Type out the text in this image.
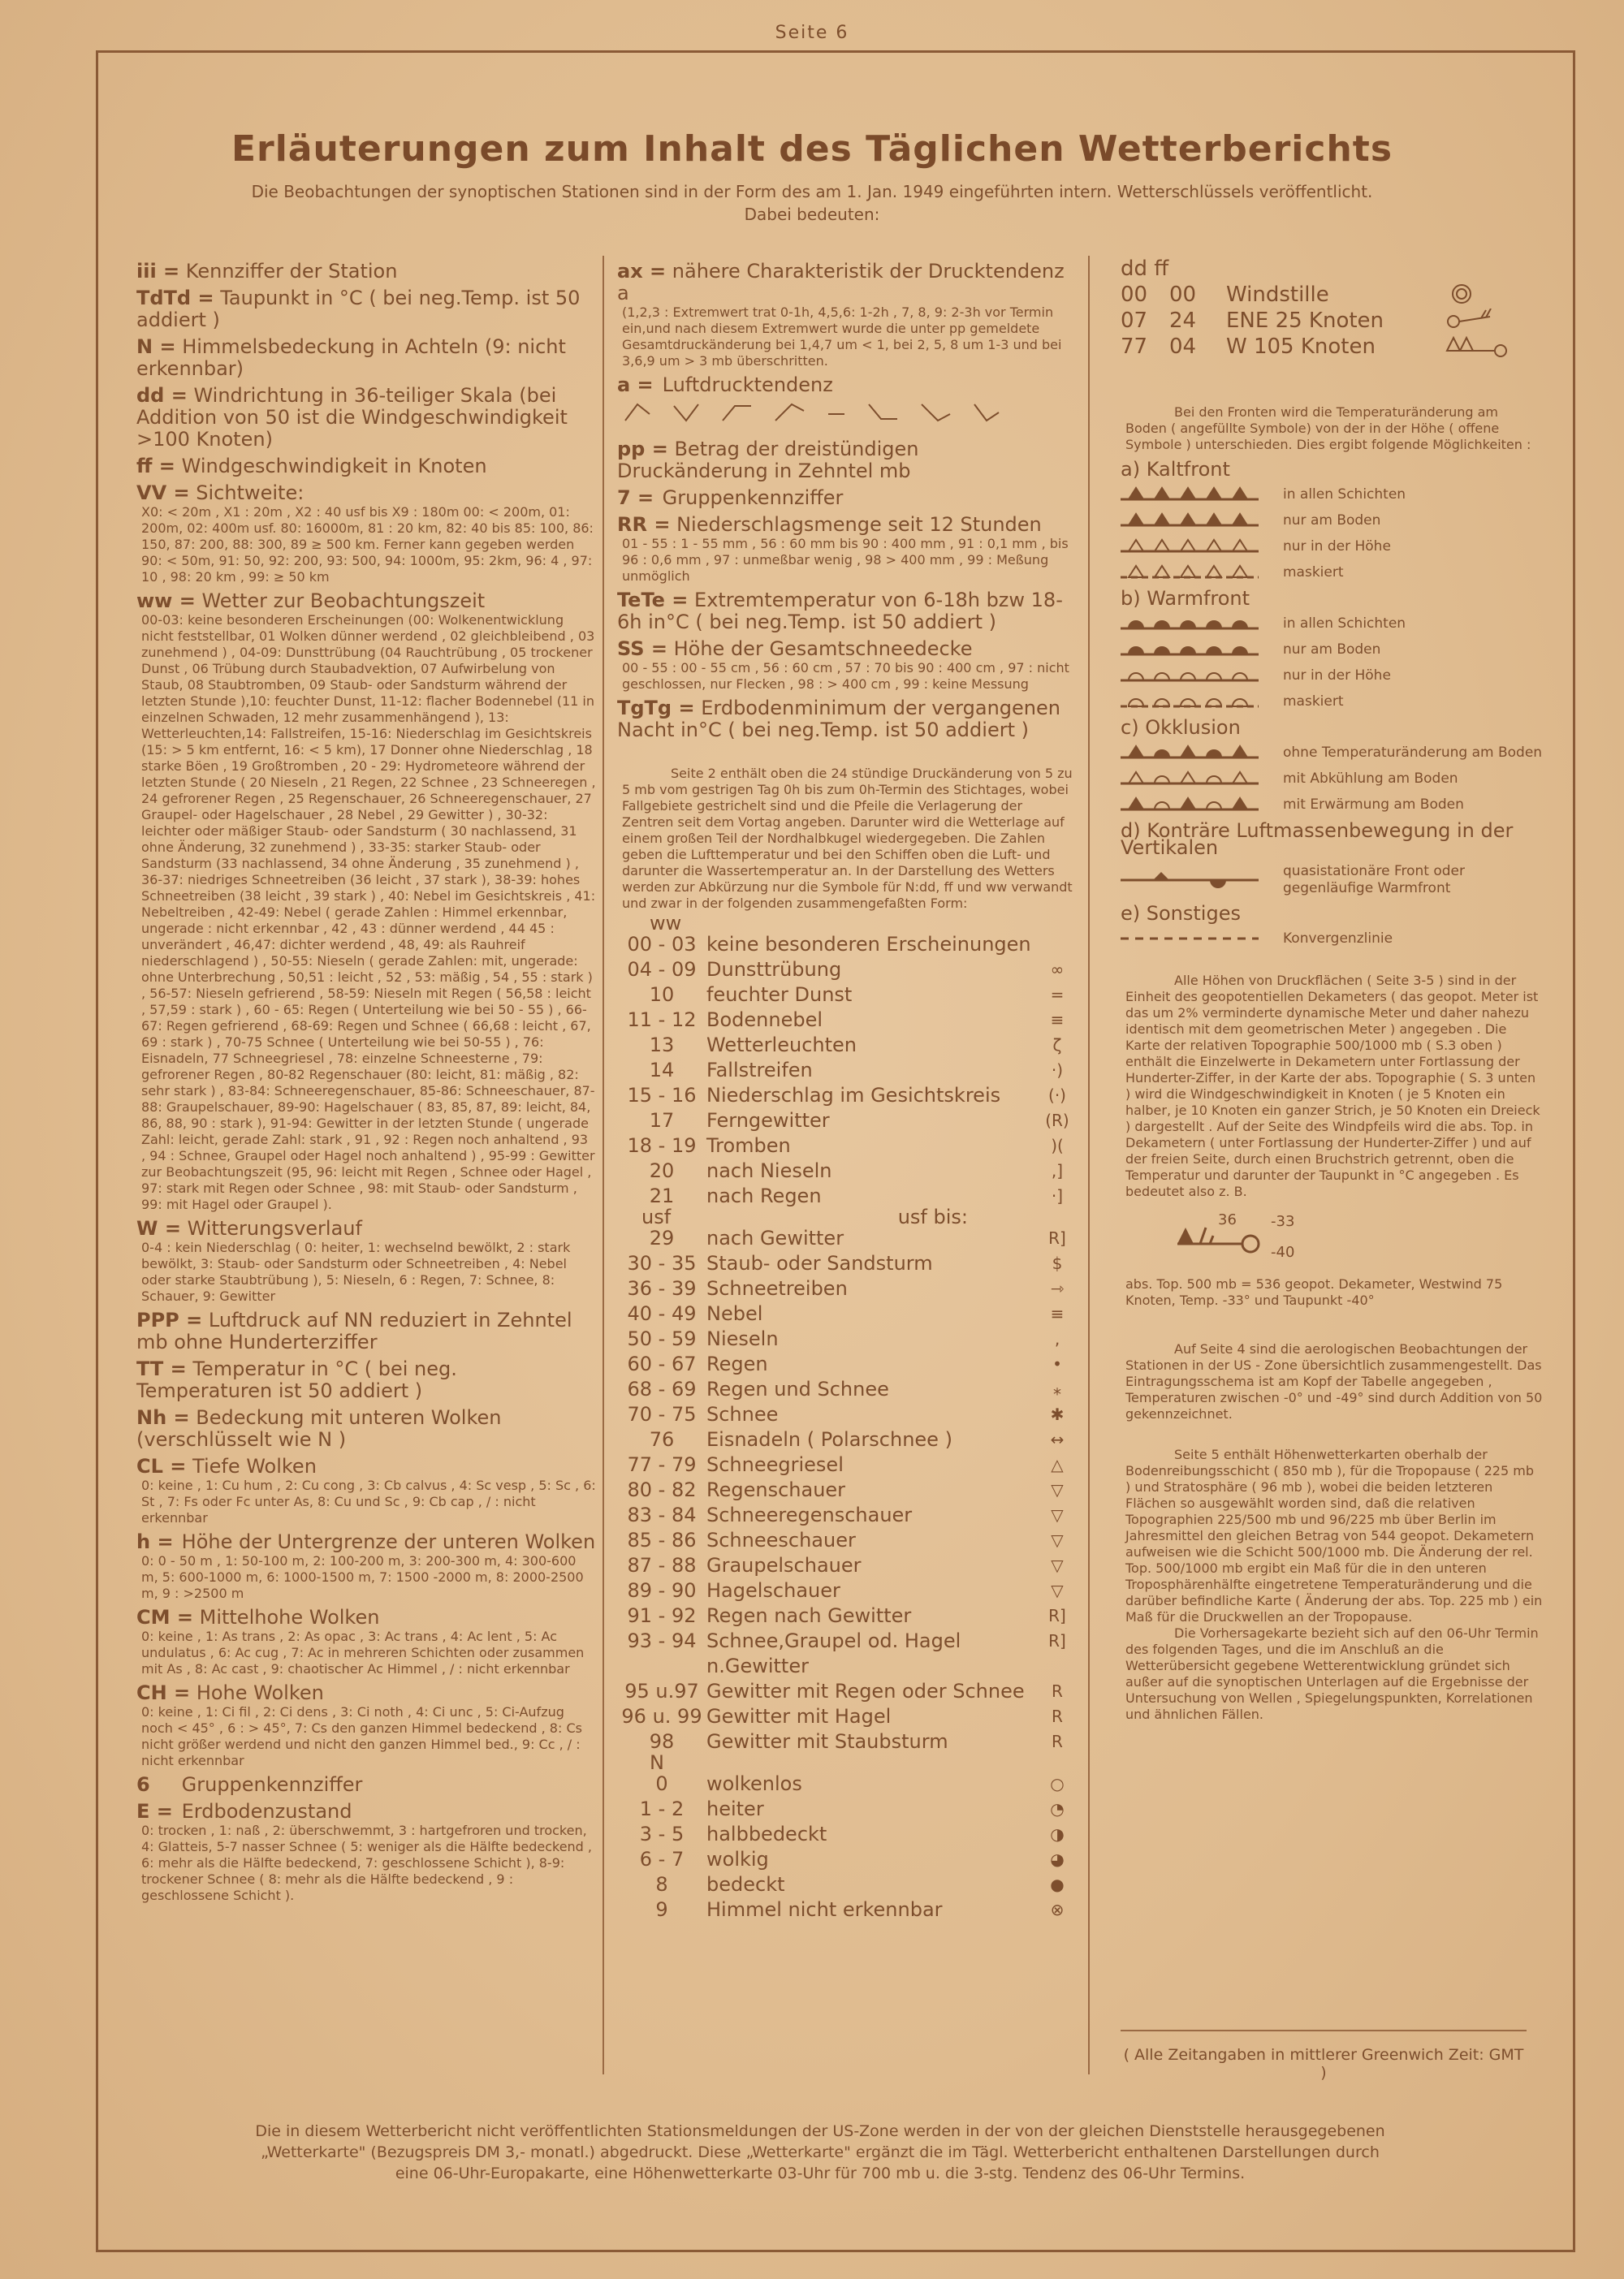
Seite 6
Erläuterungen zum Inhalt des Täglichen Wetterberichts
Die Beobachtungen der synoptischen Stationen sind in der Form des am 1. Jan. 1949 eingeführten intern. Wetterschlüssels veröffentlicht.
Dabei bedeuten:
iii = Kennziffer der Station
TdTd = Taupunkt in °C ( bei neg.Temp. ist 50 addiert )
N = Himmelsbedeckung in Achteln (9: nicht erkennbar)
dd = Windrichtung in 36-teiliger Skala (bei Addition von 50 ist die Windgeschwindigkeit >100 Knoten)
ff = Windgeschwindigkeit in Knoten
VV = Sichtweite:
X0: < 20m , X1 : 20m , X2 : 40 usf bis X9 : 180m 00: < 200m, 01: 200m, 02: 400m usf. 80: 16000m, 81 : 20 km, 82: 40 bis 85: 100, 86: 150, 87: 200, 88: 300, 89 ≥ 500 km. Ferner kann gegeben werden 90: < 50m, 91: 50, 92: 200, 93: 500, 94: 1000m, 95: 2km, 96: 4 , 97: 10 , 98: 20 km , 99: ≥ 50 km
ww = Wetter zur Beobachtungszeit
00-03: keine besonderen Erscheinungen (00: Wolkenentwicklung nicht feststellbar, 01 Wolken dünner werdend , 02 gleichbleibend , 03 zunehmend ) , 04-09: Dunsttrübung (04 Rauchtrübung , 05 trockener Dunst , 06 Trübung durch Staubadvektion, 07 Aufwirbelung von Staub, 08 Staubtromben, 09 Staub- oder Sandsturm während der letzten Stunde ),10: feuchter Dunst, 11-12: flacher Bodennebel (11 in einzelnen Schwaden, 12 mehr zusammenhängend ), 13: Wetterleuchten,14: Fallstreifen, 15-16: Niederschlag im Gesichtskreis (15: > 5 km entfernt, 16: < 5 km), 17 Donner ohne Niederschlag , 18 starke Böen , 19 Großtromben , 20 - 29: Hydrometeore während der letzten Stunde ( 20 Nieseln , 21 Regen, 22 Schnee , 23 Schneeregen , 24 gefrorener Regen , 25 Regenschauer, 26 Schneeregenschauer, 27 Graupel- oder Hagelschauer , 28 Nebel , 29 Gewitter ) , 30-32: leichter oder mäßiger Staub- oder Sandsturm ( 30 nachlassend, 31 ohne Änderung, 32 zunehmend ) , 33-35: starker Staub- oder Sandsturm (33 nachlassend, 34 ohne Änderung , 35 zunehmend ) , 36-37: niedriges Schneetreiben (36 leicht , 37 stark ), 38-39: hohes Schneetreiben (38 leicht , 39 stark ) , 40: Nebel im Gesichtskreis , 41: Nebeltreiben , 42-49: Nebel ( gerade Zahlen : Himmel erkennbar, ungerade : nicht erkennbar , 42 , 43 : dünner werdend , 44 45 : unverändert , 46,47: dichter werdend , 48, 49: als Rauhreif niederschlagend ) , 50-55: Nieseln ( gerade Zahlen: mit, ungerade: ohne Unterbrechung , 50,51 : leicht , 52 , 53: mäßig , 54 , 55 : stark ) , 56-57: Nieseln gefrierend , 58-59: Nieseln mit Regen ( 56,58 : leicht , 57,59 : stark ) , 60 - 65: Regen ( Unterteilung wie bei 50 - 55 ) , 66-67: Regen gefrierend , 68-69: Regen und Schnee ( 66,68 : leicht , 67, 69 : stark ) , 70-75 Schnee ( Unterteilung wie bei 50-55 ) , 76: Eisnadeln, 77 Schneegriesel , 78: einzelne Schneesterne , 79: gefrorener Regen , 80-82 Regenschauer (80: leicht, 81: mäßig , 82: sehr stark ) , 83-84: Schneeregenschauer, 85-86: Schneeschauer, 87-88: Graupelschauer, 89-90: Hagelschauer ( 83, 85, 87, 89: leicht, 84, 86, 88, 90 : stark ), 91-94: Gewitter in der letzten Stunde ( ungerade Zahl: leicht, gerade Zahl: stark , 91 , 92 : Regen noch anhaltend , 93 , 94 : Schnee, Graupel oder Hagel noch anhaltend ) , 95-99 : Gewitter zur Beobachtungszeit (95, 96: leicht mit Regen , Schnee oder Hagel , 97: stark mit Regen oder Schnee , 98: mit Staub- oder Sandsturm , 99: mit Hagel oder Graupel ).
W = Witterungsverlauf
0-4 : kein Niederschlag ( 0: heiter, 1: wechselnd bewölkt, 2 : stark bewölkt, 3: Staub- oder Sandsturm oder Schneetreiben , 4: Nebel oder starke Staubtrübung ), 5: Nieseln, 6 : Regen, 7: Schnee, 8: Schauer, 9: Gewitter
PPP = Luftdruck auf NN reduziert in Zehntel mb ohne Hunderterziffer
TT = Temperatur in °C ( bei neg. Temperaturen ist 50 addiert )
Nh = Bedeckung mit unteren Wolken (verschlüsselt wie N )
CL = Tiefe Wolken
0: keine , 1: Cu hum , 2: Cu cong , 3: Cb calvus , 4: Sc vesp , 5: Sc , 6: St , 7: Fs oder Fc unter As, 8: Cu und Sc , 9: Cb cap , / : nicht erkennbar
h = Höhe der Untergrenze der unteren Wolken
0: 0 - 50 m , 1: 50-100 m, 2: 100-200 m, 3: 200-300 m, 4: 300-600 m, 5: 600-1000 m, 6: 1000-1500 m, 7: 1500 -2000 m, 8: 2000-2500 m, 9 : >2500 m
CM = Mittelhohe Wolken
0: keine , 1: As trans , 2: As opac , 3: Ac trans , 4: Ac lent , 5: Ac undulatus , 6: Ac cug , 7: Ac in mehreren Schichten oder zusammen mit As , 8: Ac cast , 9: chaotischer Ac Himmel , / : nicht erkennbar
CH = Hohe Wolken
0: keine , 1: Ci fil , 2: Ci dens , 3: Ci noth , 4: Ci unc , 5: Ci-Aufzug noch < 45° , 6 : > 45°, 7: Cs den ganzen Himmel bedeckend , 8: Cs nicht größer werdend und nicht den ganzen Himmel bed., 9: Cc , / : nicht erkennbar
6 Gruppenkennziffer
E = Erdbodenzustand
0: trocken , 1: naß , 2: überschwemmt, 3 : hartgefroren und trocken, 4: Glatteis, 5-7 nasser Schnee ( 5: weniger als die Hälfte bedeckend , 6: mehr als die Hälfte bedeckend, 7: geschlossene Schicht ), 8-9: trockener Schnee ( 8: mehr als die Hälfte bedeckend , 9 : geschlossene Schicht ).
ax = nähere Charakteristik der Drucktendenz a
(1,2,3 : Extremwert trat 0-1h, 4,5,6: 1-2h , 7, 8, 9: 2-3h vor Termin ein,und nach diesem Extremwert wurde die unter pp gemeldete Gesamtdruckänderung bei 1,4,7 um < 1, bei 2, 5, 8 um 1-3 und bei 3,6,9 um > 3 mb überschritten.
a = Luftdrucktendenz
pp = Betrag der dreistündigen Druckänderung in Zehntel mb
7 = Gruppenkennziffer
RR = Niederschlagsmenge seit 12 Stunden
01 - 55 : 1 - 55 mm , 56 : 60 mm bis 90 : 400 mm , 91 : 0,1 mm , bis 96 : 0,6 mm , 97 : unmeßbar wenig , 98 > 400 mm , 99 : Meßung unmöglich
TeTe = Extremtemperatur von 6-18h bzw 18-6h in°C ( bei neg.Temp. ist 50 addiert )
SS = Höhe der Gesamtschneedecke
00 - 55 : 00 - 55 cm , 56 : 60 cm , 57 : 70 bis 90 : 400 cm , 97 : nicht geschlossen, nur Flecken , 98 : > 400 cm , 99 : keine Messung
TgTg = Erdbodenminimum der vergangenen Nacht in°C ( bei neg.Temp. ist 50 addiert )
Seite 2 enthält oben die 24 stündige Druckänderung von 5 zu 5 mb vom gestrigen Tag 0h bis zum 0h-Termin des Stichtages, wobei Fallgebiete gestrichelt sind und die Pfeile die Verlagerung der Zentren seit dem Vortag angeben. Darunter wird die Wetterlage auf einem großen Teil der Nordhalbkugel wiedergegeben. Die Zahlen geben die Lufttemperatur und bei den Schiffen oben die Luft- und darunter die Wassertemperatur an. In der Darstellung des Wetters werden zur Abkürzung nur die Symbole für N:dd, ff und ww verwandt und zwar in der folgenden zusammengefaßten Form:
ww
00 - 03	keine besonderen Erscheinungen	
04 - 09	Dunsttrübung	∞
10	feuchter Dunst	=
11 - 12	Bodennebel	≡
13	Wetterleuchten	ζ
14	Fallstreifen	·)
15 - 16	Niederschlag im Gesichtskreis	(·)
17	Ferngewitter	(R)
18 - 19	Tromben	)(
20	nach Nieseln	,]
21	nach Regen	·]
usf	usf bis:
29	nach Gewitter	R]
30 - 35	Staub- oder Sandsturm	$
36 - 39	Schneetreiben	⇾
40 - 49	Nebel	≡
50 - 59	Nieseln	,
60 - 67	Regen	•
68 - 69	Regen und Schnee	⁎
70 - 75	Schnee	✱
76	Eisnadeln ( Polarschnee )	↔
77 - 79	Schneegriesel	△
80 - 82	Regenschauer	▽
83 - 84	Schneeregenschauer	▽
85 - 86	Schneeschauer	▽
87 - 88	Graupelschauer	▽
89 - 90	Hagelschauer	▽
91 - 92	Regen nach Gewitter	R]
93 - 94	Schnee,Graupel od. Hagel n.Gewitter	R]
95 u.97	Gewitter mit Regen oder Schnee	R
96 u. 99	Gewitter mit Hagel	R
98	Gewitter mit Staubsturm	R
N
0	wolkenlos	○
1 - 2	heiter	◔
3 - 5	halbbedeckt	◑
6 - 7	wolkig	◕
8	bedeckt	●
9	Himmel nicht erkennbar	⊗
dd ff
00	00	Windstille
07	24	ENE 25 Knoten
77	04	W 105 Knoten
Bei den Fronten wird die Temperaturänderung am Boden ( angefüllte Symbole) von der in der Höhe ( offene Symbole ) unterschieden. Dies ergibt folgende Möglichkeiten :
a) Kaltfront
in allen Schichten
nur am Boden
nur in der Höhe
maskiert
b) Warmfront
in allen Schichten
nur am Boden
nur in der Höhe
maskiert
c) Okklusion
ohne Temperaturänderung am Boden
mit Abkühlung am Boden
mit Erwärmung am Boden
d) Konträre Luftmassenbewegung in der Vertikalen
quasistationäre Front oder gegenläufige Warmfront
e) Sonstiges
Konvergenzlinie
Alle Höhen von Druckflächen ( Seite 3-5 ) sind in der Einheit des geopotentiellen Dekameters ( das geopot. Meter ist das um 2% verminderte dynamische Meter und daher nahezu identisch mit dem geometrischen Meter ) angegeben . Die Karte der relativen Topographie 500/1000 mb ( S.3 oben ) enthält die Einzelwerte in Dekametern unter Fortlassung der Hunderter-Ziffer, in der Karte der abs. Topographie ( S. 3 unten ) wird die Windgeschwindigkeit in Knoten ( je 5 Knoten ein halber, je 10 Knoten ein ganzer Strich, je 50 Knoten ein Dreieck ) dargestellt . Auf der Seite des Windpfeils wird die abs. Top. in Dekametern ( unter Fortlassung der Hunderter-Ziffer ) und auf der freien Seite, durch einen Bruchstrich getrennt, oben die Temperatur und darunter der Taupunkt in °C angegeben . Es bedeutet also z. B.
36 -33
-40
abs. Top. 500 mb = 536 geopot. Dekameter, Westwind 75 Knoten, Temp. -33° und Taupunkt -40°
Auf Seite 4 sind die aerologischen Beobachtungen der Stationen in der US - Zone übersichtlich zusammengestellt. Das Eintragungsschema ist am Kopf der Tabelle angegeben , Temperaturen zwischen -0° und -49° sind durch Addition von 50 gekennzeichnet.
Seite 5 enthält Höhenwetterkarten oberhalb der Bodenreibungsschicht ( 850 mb ), für die Tropopause ( 225 mb ) und Stratosphäre ( 96 mb ), wobei die beiden letzteren Flächen so ausgewählt worden sind, daß die relativen Topographien 225/500 mb und 96/225 mb über Berlin im Jahresmittel den gleichen Betrag von 544 geopot. Dekametern aufweisen wie die Schicht 500/1000 mb. Die Änderung der rel. Top. 500/1000 mb ergibt ein Maß für die in den unteren Troposphärenhälfte eingetretene Temperaturänderung und die darüber befindliche Karte ( Änderung der abs. Top. 225 mb ) ein Maß für die Druckwellen an der Tropopause.
Die Vorhersagekarte bezieht sich auf den 06-Uhr Termin des folgenden Tages, und die im Anschluß an die Wetterübersicht gegebene Wetterentwicklung gründet sich außer auf die synoptischen Unterlagen auf die Ergebnisse der Untersuchung von Wellen , Spiegelungspunkten, Korrelationen und ähnlichen Fällen.
( Alle Zeitangaben in mittlerer Greenwich Zeit: GMT )
Die in diesem Wetterbericht nicht veröffentlichten Stationsmeldungen der US-Zone werden in der von der gleichen Dienststelle herausgegebenen „Wetterkarte" (Bezugspreis DM 3,- monatl.) abgedruckt. Diese „Wetterkarte" ergänzt die im Tägl. Wetterbericht enthaltenen Darstellungen durch eine 06-Uhr-Europakarte, eine Höhenwetterkarte 03-Uhr für 700 mb u. die 3-stg. Tendenz des 06-Uhr Termins.
